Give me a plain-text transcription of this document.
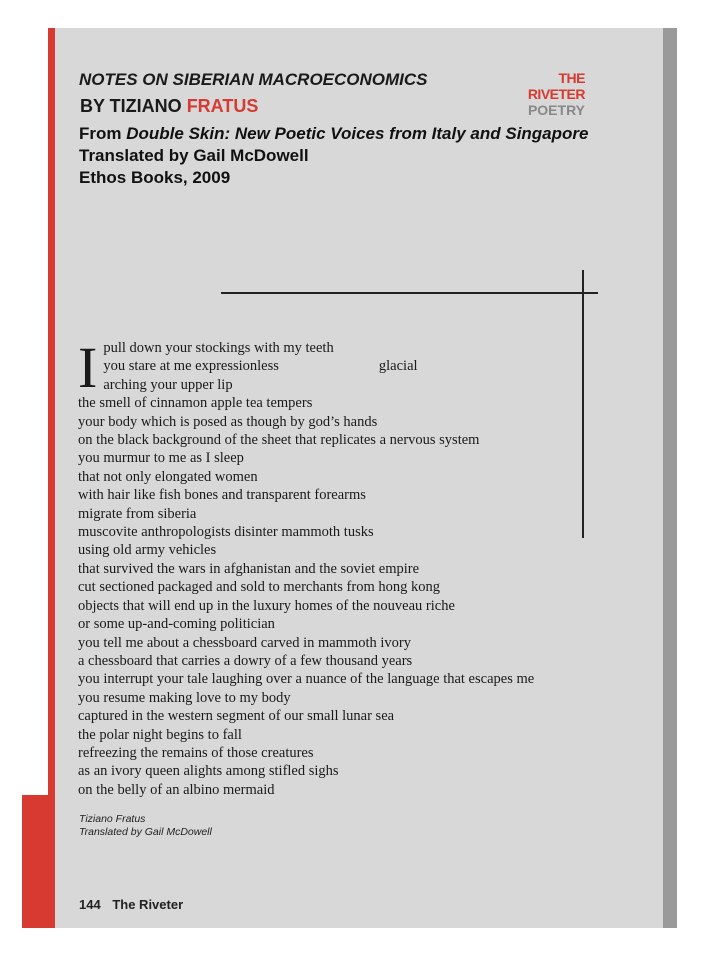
NOTES ON SIBERIAN MACROECONOMICS
BY TIZIANO FRATUS
From Double Skin: New Poetic Voices from Italy and Singapore
Translated by Gail McDowell
Ethos Books, 2009
THE RIVETER
POETRY
I pull down your stockings with my teeth
you stare at me expressionless	glacial
arching your upper lip
the smell of cinnamon apple tea tempers
your body which is posed as though by god’s hands
on the black background of the sheet that replicates a nervous system
you murmur to me as I sleep
that not only elongated women
with hair like fish bones and transparent forearms
migrate from siberia
muscovite anthropologists disinter mammoth tusks
using old army vehicles
that survived the wars in afghanistan and the soviet empire
cut sectioned packaged and sold to merchants from hong kong
objects that will end up in the luxury homes of the nouveau riche
or some up-and-coming politician
you tell me about a chessboard carved in mammoth ivory
a chessboard that carries a dowry of a few thousand years
you interrupt your tale laughing over a nuance of the language that escapes me
you resume making love to my body
captured in the western segment of our small lunar sea
the polar night begins to fall
refreezing the remains of those creatures
as an ivory queen alights among stifled sighs
on the belly of an albino mermaid
Tiziano Fratus
Translated by Gail McDowell
144 The Riveter
